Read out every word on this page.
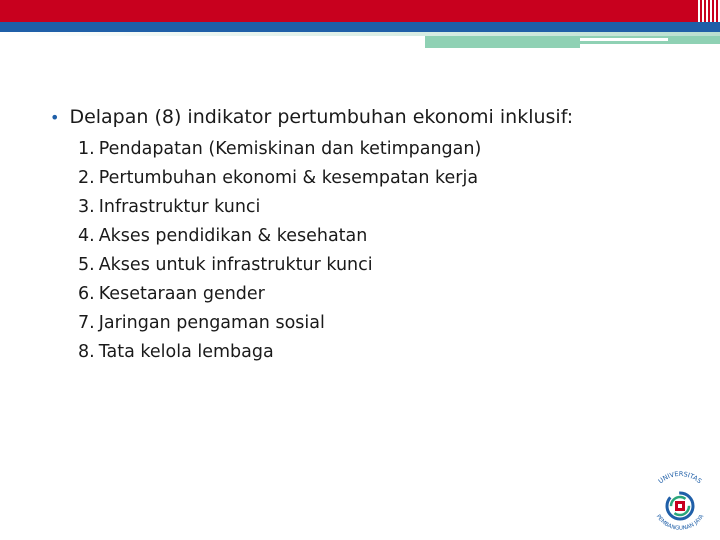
• Delapan (8) indikator pertumbuhan ekonomi inklusif:
1. Pendapatan (Kemiskinan dan ketimpangan)
2. Pertumbuhan ekonomi & kesempatan kerja
3. Infrastruktur kunci
4. Akses pendidikan & kesehatan
5. Akses untuk infrastruktur kunci
6. Kesetaraan gender
7. Jaringan pengaman sosial
8. Tata kelola lembaga
UNIVERSITAS
PEMBANGUNAN JAYA
